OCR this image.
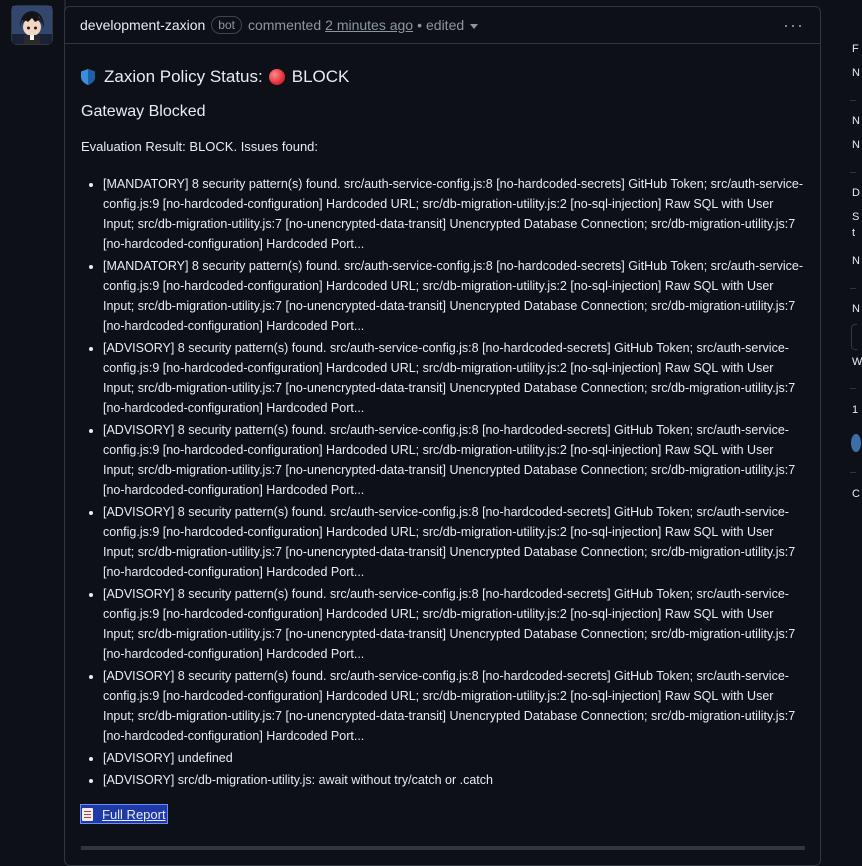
development-zaxion	bot commented 2 minutes ago • edited	···
Zaxion Policy Status: BLOCK
Gateway Blocked
Evaluation Result: BLOCK. Issues found:
• [MANDATORY] 8 security pattern(s) found. src/auth-service-config.js:8 [no-hardcoded-secrets] GitHub Token; src/auth-service-config.js:9 [no-hardcoded-configuration] Hardcoded URL; src/db-migration-utility.js:2 [no-sql-injection] Raw SQL with User Input; src/db-migration-utility.js:7 [no-unencrypted-data-transit] Unencrypted Database Connection; src/db-migration-utility.js:7 [no-hardcoded-configuration] Hardcoded Port...
• [MANDATORY] 8 security pattern(s) found. src/auth-service-config.js:8 [no-hardcoded-secrets] GitHub Token; src/auth-service-config.js:9 [no-hardcoded-configuration] Hardcoded URL; src/db-migration-utility.js:2 [no-sql-injection] Raw SQL with User Input; src/db-migration-utility.js:7 [no-unencrypted-data-transit] Unencrypted Database Connection; src/db-migration-utility.js:7 [no-hardcoded-configuration] Hardcoded Port...
• [ADVISORY] 8 security pattern(s) found. src/auth-service-config.js:8 [no-hardcoded-secrets] GitHub Token; src/auth-service-config.js:9 [no-hardcoded-configuration] Hardcoded URL; src/db-migration-utility.js:2 [no-sql-injection] Raw SQL with User Input; src/db-migration-utility.js:7 [no-unencrypted-data-transit] Unencrypted Database Connection; src/db-migration-utility.js:7 [no-hardcoded-configuration] Hardcoded Port...
• [ADVISORY] 8 security pattern(s) found. src/auth-service-config.js:8 [no-hardcoded-secrets] GitHub Token; src/auth-service-config.js:9 [no-hardcoded-configuration] Hardcoded URL; src/db-migration-utility.js:2 [no-sql-injection] Raw SQL with User Input; src/db-migration-utility.js:7 [no-unencrypted-data-transit] Unencrypted Database Connection; src/db-migration-utility.js:7 [no-hardcoded-configuration] Hardcoded Port...
• [ADVISORY] 8 security pattern(s) found. src/auth-service-config.js:8 [no-hardcoded-secrets] GitHub Token; src/auth-service-config.js:9 [no-hardcoded-configuration] Hardcoded URL; src/db-migration-utility.js:2 [no-sql-injection] Raw SQL with User Input; src/db-migration-utility.js:7 [no-unencrypted-data-transit] Unencrypted Database Connection; src/db-migration-utility.js:7 [no-hardcoded-configuration] Hardcoded Port...
• [ADVISORY] 8 security pattern(s) found. src/auth-service-config.js:8 [no-hardcoded-secrets] GitHub Token; src/auth-service-config.js:9 [no-hardcoded-configuration] Hardcoded URL; src/db-migration-utility.js:2 [no-sql-injection] Raw SQL with User Input; src/db-migration-utility.js:7 [no-unencrypted-data-transit] Unencrypted Database Connection; src/db-migration-utility.js:7 [no-hardcoded-configuration] Hardcoded Port...
• [ADVISORY] 8 security pattern(s) found. src/auth-service-config.js:8 [no-hardcoded-secrets] GitHub Token; src/auth-service-config.js:9 [no-hardcoded-configuration] Hardcoded URL; src/db-migration-utility.js:2 [no-sql-injection] Raw SQL with User Input; src/db-migration-utility.js:7 [no-unencrypted-data-transit] Unencrypted Database Connection; src/db-migration-utility.js:7 [no-hardcoded-configuration] Hardcoded Port...
• [ADVISORY] undefined
• [ADVISORY] src/db-migration-utility.js: await without try/catch or .catch
Full Report
F
N
N
N
D
S
t
N
N
W
1
C
